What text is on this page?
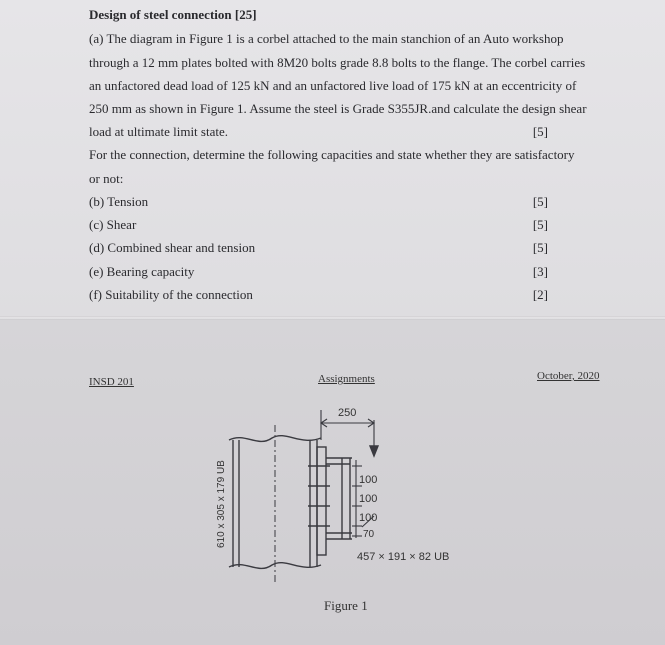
Design of steel connection [25]
(a) The diagram in Figure 1 is a corbel attached to the main stanchion of an Auto workshop
through a 12 mm plates bolted with 8M20 bolts grade 8.8 bolts to the flange. The corbel carries
an unfactored dead load of 125 kN and an unfactored live load of 175 kN at an eccentricity of
250 mm as shown in Figure 1. Assume the steel is Grade S355JR.and calculate the design shear
load at ultimate limit state.	[5]
For the connection, determine the following capacities and state whether they are satisfactory
or not:
(b) Tension	[5]
(c) Shear	[5]
(d) Combined shear and tension	[5]
(e) Bearing capacity	[3]
(f) Suitability of the connection	[2]
INSD 201	Assignments	October, 2020
250
100
100
100
70
457 × 191 × 82 UB
610 x 305 x 179 UB
Figure 1
